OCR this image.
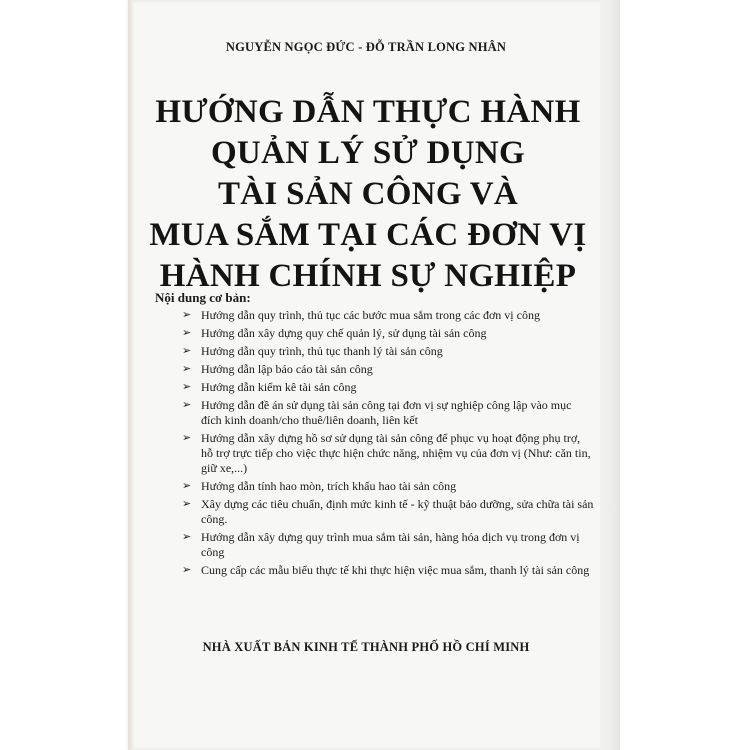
NGUYỄN NGỌC ĐỨC - ĐỖ TRẦN LONG NHÂN
HƯỚNG DẪN THỰC HÀNH
QUẢN LÝ SỬ DỤNG
TÀI SẢN CÔNG VÀ
MUA SẮM TẠI CÁC ĐƠN VỊ
HÀNH CHÍNH SỰ NGHIỆP
Nội dung cơ bản:
➢ Hướng dẫn quy trình, thủ tục các bước mua sắm trong các đơn vị công
➢ Hướng dẫn xây dựng quy chế quản lý, sử dụng tài sản công
➢ Hướng dẫn quy trình, thủ tục thanh lý tài sản công
➢ Hướng dẫn lập báo cáo tài sản công
➢ Hướng dẫn kiểm kê tài sản công
➢ Hướng dẫn đề án sử dụng tài sản công tại đơn vị sự nghiệp công lập vào mục đích kinh doanh/cho thuê/liên doanh, liên kết
➢ Hướng dẫn xây dựng hồ sơ sử dụng tài sản công để phục vụ hoạt động phụ trợ, hỗ trợ trực tiếp cho việc thực hiện chức năng, nhiệm vụ của đơn vị (Như: căn tin, giữ xe,...)
➢ Hướng dẫn tính hao mòn, trích khấu hao tài sản công
➢ Xây dựng các tiêu chuẩn, định mức kinh tế - kỹ thuật bảo dưỡng, sửa chữa tài sản công.
➢ Hướng dẫn xây dựng quy trình mua sắm tài sản, hàng hóa dịch vụ trong đơn vị công
➢ Cung cấp các mẫu biểu thực tế khi thực hiện việc mua sắm, thanh lý tài sản công
NHÀ XUẤT BẢN KINH TẾ THÀNH PHỐ HỒ CHÍ MINH
